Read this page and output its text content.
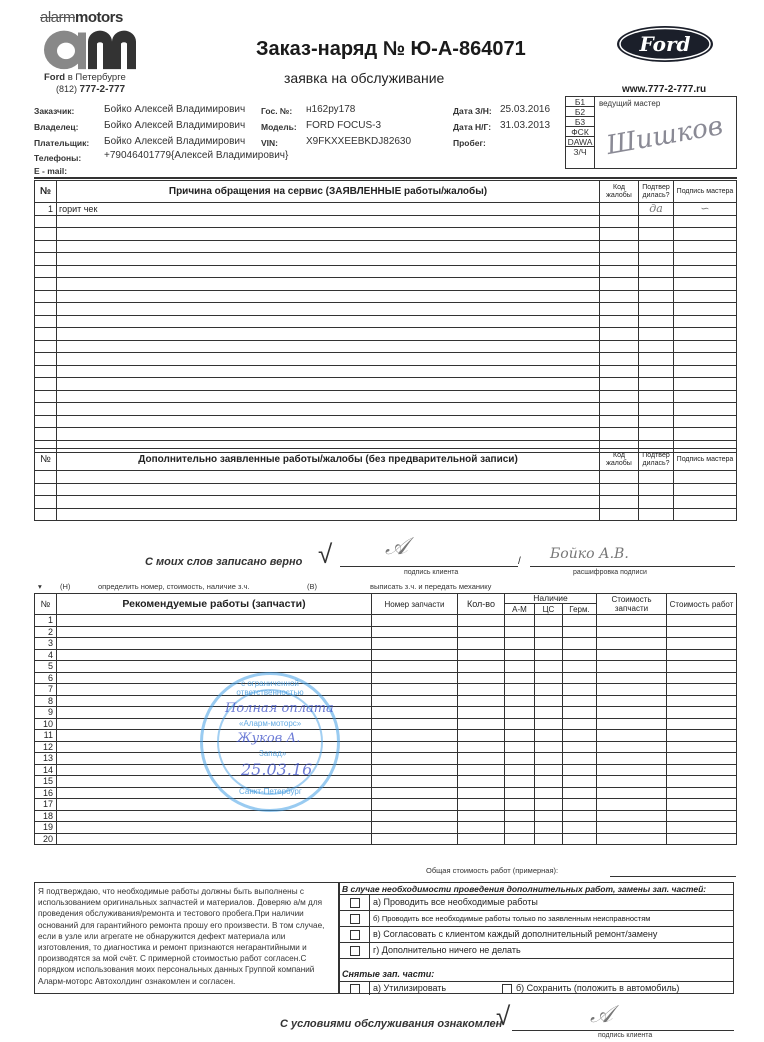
alarmmotors
Ford в Петербурге
(812) 777-2-777
Заказ-наряд № Ю-А-864071
заявка на обслуживание
Ford
www.777-2-777.ru
Заказчик:	Бойко Алексей Владимирович
Владелец:	Бойко Алексей Владимирович
Плательщик: Бойко Алексей Владимирович
Телефоны: +79046401779{Алексей Владимирович}
E - mail:
Гос. №: н162ру178
Модель: FORD FOCUS-3
VIN:	X9FKXXEEBKDJ82630
Дата З/Н: 25.03.2016
Дата Н/Г: 31.03.2013
Пробег:
Б1
Б2
Б3
ФСК
DAWA
З/Ч
ведущий мастер
Шишков
№	Причина обращения на сервис (ЗАЯВЛЕННЫЕ работы/жалобы)	Код жалобы	Подтвер дилась?	Подпись мастера
1	горит чек		да	∽

№	Дополнительно заявленные работы/жалобы (без предварительной записи)	Код жалобы	Подтвер дилась?	Подпись мастера

С моих слов записано верно √ 𝒜
подпись клиента
/ Бойко А.В.
расшифровка подписи
▾ (Н)	определить номер, стоимость, наличие з.ч.	(В)	выписать з.ч. и передать механику
№	Рекомендуемые работы (запчасти)	Номер запчасти	Кол-во	Наличие			Стоимость запчасти	Стоимость работ
				А-М	ЦС	Герм.		
1								
2								
3								
4								
5								
6								
7								
8								
9								
10								
11								
12								
13								
14								
15								
16								
17								
18								
19								
20								
с ограниченной ответственностью
Полная оплата
«Аларм-моторс»
Жуков А.
Запад»
25.03.16
Санкт-Петербург
Общая стоимость работ (примерная):
Я подтверждаю, что необходимые работы должны быть выполнены с использованием оригинальных запчастей и материалов. Доверяю а/м для проведения обслуживания/ремонта и тестового пробега.При наличии оснований для гарантийного ремонта прошу его произвести. В том случае, если в узле или агрегате не обнаружится дефект материала или изготовления, то диагностика и ремонт признаются негарантийными и производятся за мой счёт. С примерной стоимостью работ согласен.С порядком использования моих персональных данных Группой компаний Аларм-моторс Автохолдинг ознакомлен и согласен.
В случае необходимости проведения дополнительных работ, замены зап. частей:
а) Проводить все необходимые работы
б) Проводить все необходимые работы только по заявленным неисправностям
в) Согласовать с клиентом каждый дополнительный ремонт/замену
г) Дополнительно ничего не делать
Снятые зап. части:
а) Утилизировать	б) Сохранить (положить в автомобиль)
С условиями обслуживания ознакомлен
√	𝒜
подпись клиента
